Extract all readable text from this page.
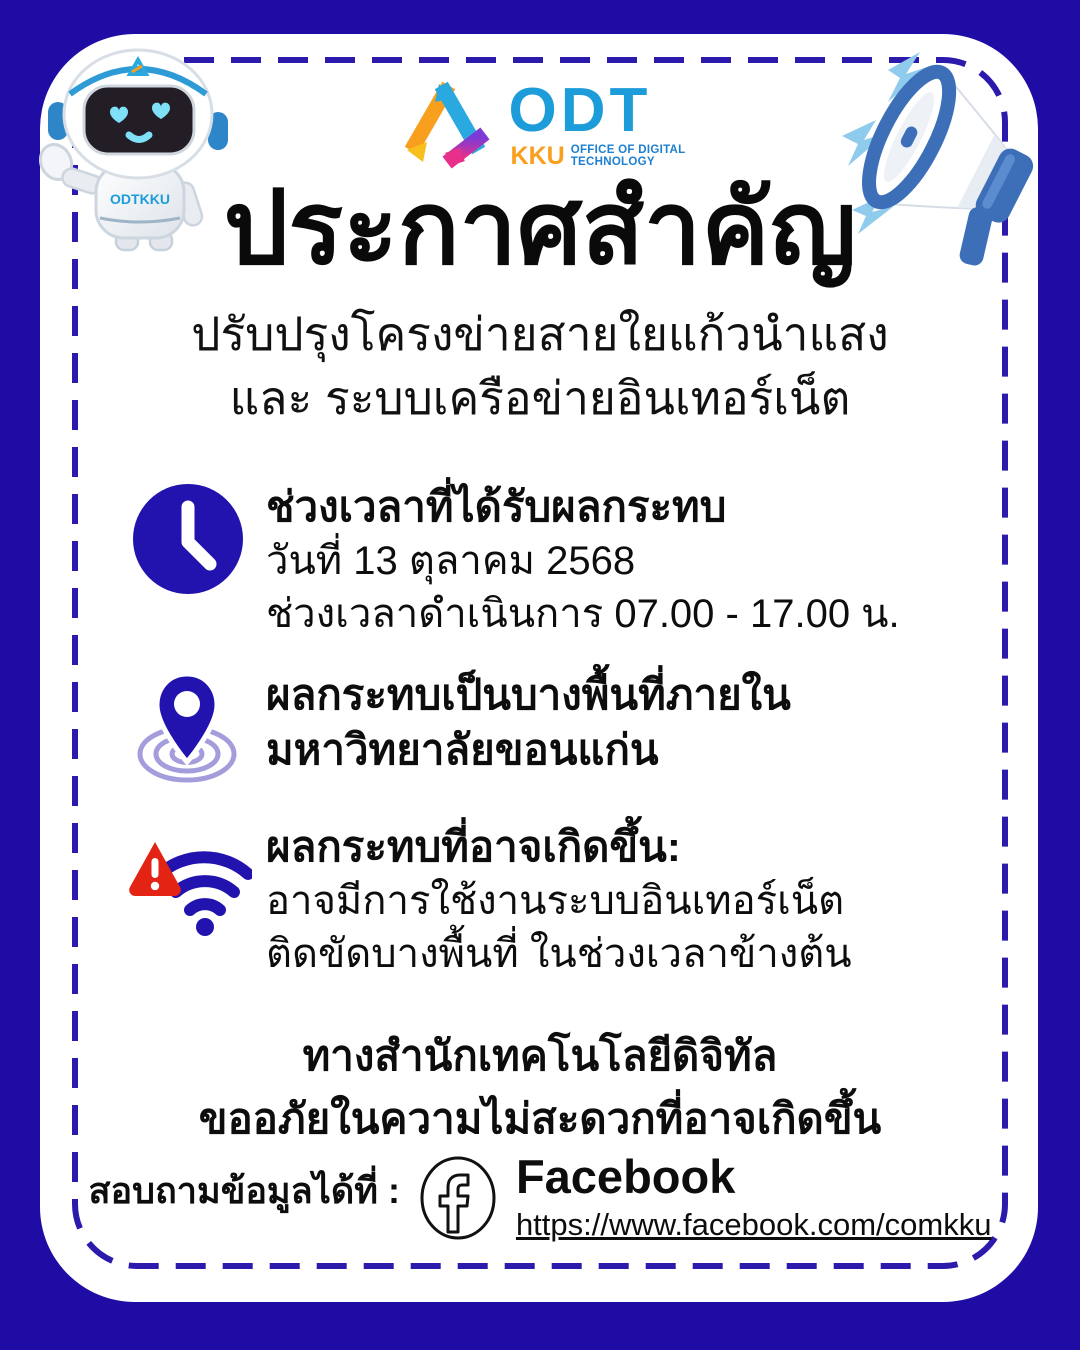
ODT
KKU OFFICE OF DIGITAL
TECHNOLOGY
ประกาศสำคัญ
ปรับปรุงโครงข่ายสายใยแก้วนำแสง
และ ระบบเครือข่ายอินเทอร์เน็ต
ช่วงเวลาที่ได้รับผลกระทบ
วันที่ 13 ตุลาคม 2568
ช่วงเวลาดำเนินการ 07.00 - 17.00 น.
ผลกระทบเป็นบางพื้นที่ภายใน
มหาวิทยาลัยขอนแก่น
ผลกระทบที่อาจเกิดขึ้น:
อาจมีการใช้งานระบบอินเทอร์เน็ต
ติดขัดบางพื้นที่ ในช่วงเวลาข้างต้น
ทางสำนักเทคโนโลยีดิจิทัล
ขออภัยในความไม่สะดวกที่อาจเกิดขึ้น
สอบถามข้อมูลได้ที่ : Facebook
https://www.facebook.com/comkku
ODTKKU
